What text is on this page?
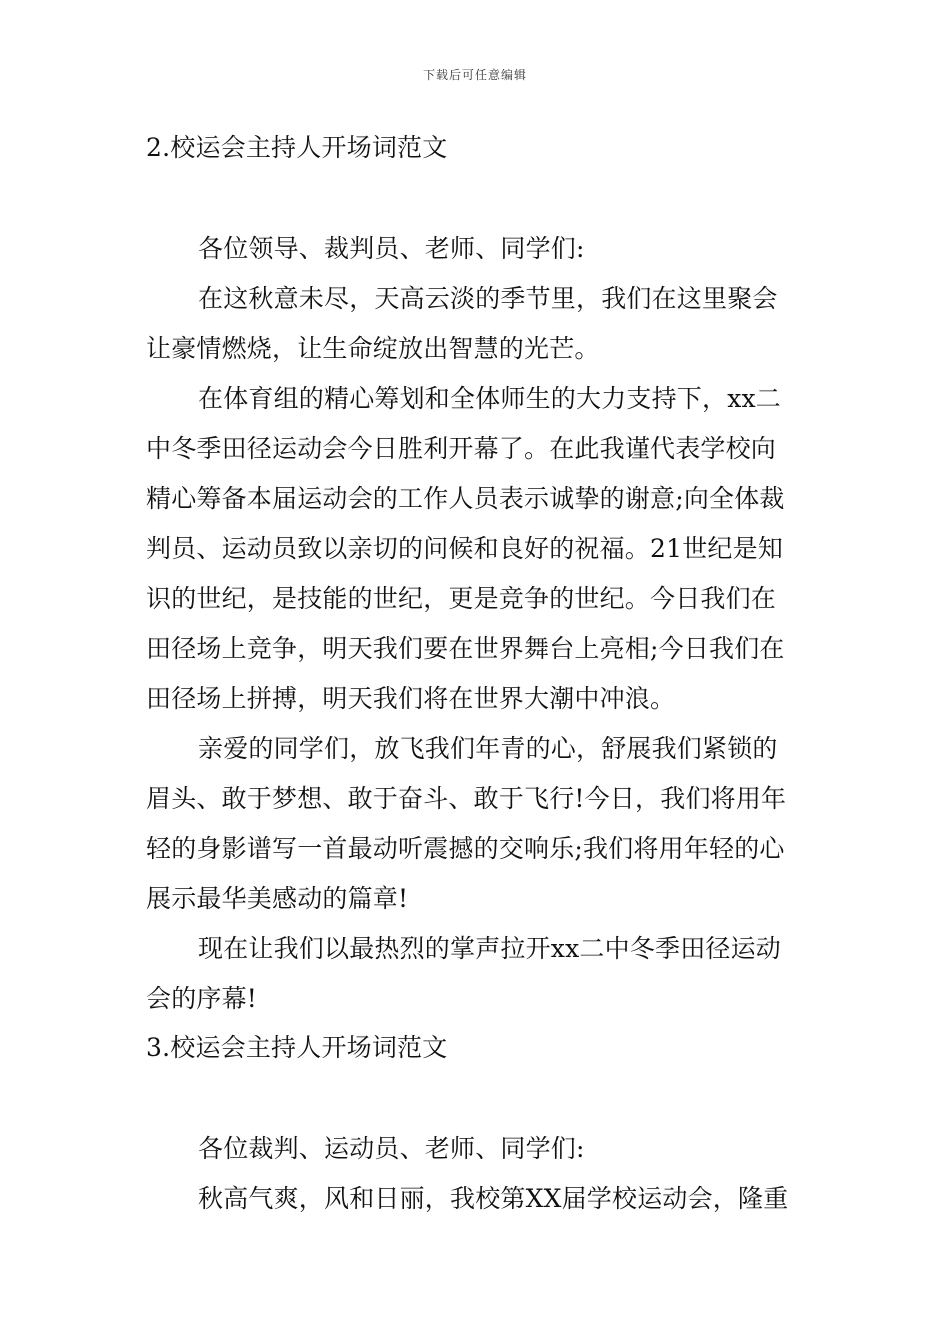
下载后可任意编辑
2.校运会主持人开场词范文
各位领导、裁判员、老师、同学们:
在这秋意未尽，天高云淡的季节里，我们在这里聚会
让豪情燃烧，让生命绽放出智慧的光芒。
在体育组的精心筹划和全体师生的大力支持下，xx二
中冬季田径运动会今日胜利开幕了。在此我谨代表学校向
精心筹备本届运动会的工作人员表示诚挚的谢意;向全体裁
判员、运动员致以亲切的问候和良好的祝福。21世纪是知
识的世纪，是技能的世纪，更是竞争的世纪。今日我们在
田径场上竞争，明天我们要在世界舞台上亮相;今日我们在
田径场上拼搏，明天我们将在世界大潮中冲浪。
亲爱的同学们，放飞我们年青的心，舒展我们紧锁的
眉头、敢于梦想、敢于奋斗、敢于飞行!今日，我们将用年
轻的身影谱写一首最动听震撼的交响乐;我们将用年轻的心
展示最华美感动的篇章!
现在让我们以最热烈的掌声拉开xx二中冬季田径运动
会的序幕!
3.校运会主持人开场词范文
各位裁判、运动员、老师、同学们:
秋高气爽，风和日丽，我校第XX届学校运动会，隆重
